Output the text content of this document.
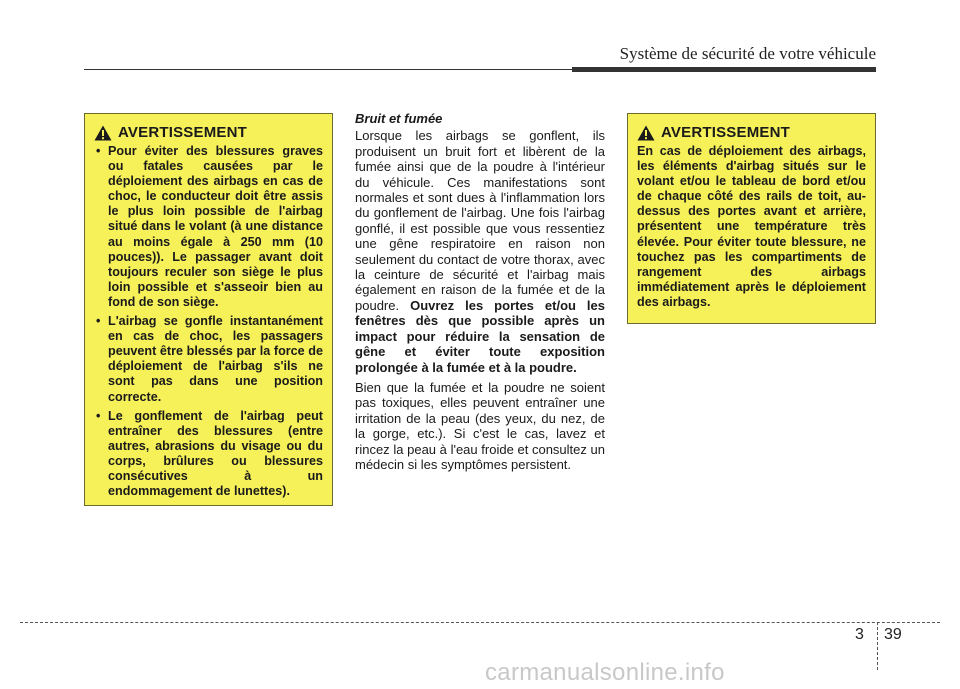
Système de sécurité de votre véhicule
AVERTISSEMENT
• Pour éviter des blessures graves ou fatales causées par le déploiement des airbags en cas de choc, le conducteur doit être assis le plus loin possible de l'airbag situé dans le volant (à une distance au moins égale à 250 mm (10 pouces)). Le passager avant doit toujours reculer son siège le plus loin possible et s'asseoir bien au fond de son siège.
• L'airbag se gonfle instantanément en cas de choc, les passagers peuvent être blessés par la force de déploiement de l'airbag s'ils ne sont pas dans une position correcte.
• Le gonflement de l'airbag peut entraîner des blessures (entre autres, abrasions du visage ou du corps, brûlures ou blessures consécutives à un endommagement de lunettes).

Bruit et fumée

Lorsque les airbags se gonflent, ils produisent un bruit fort et libèrent de la fumée ainsi que de la poudre à l'intérieur du véhicule. Ces manifestations sont normales et sont dues à l'inflammation lors du gonflement de l'airbag. Une fois l'airbag gonflé, il est possible que vous ressentiez une gêne respiratoire en raison non seulement du contact de votre thorax, avec la ceinture de sécurité et l'airbag mais également en raison de la fumée et de la poudre. Ouvrez les portes et/ou les fenêtres dès que possible après un impact pour réduire la sensation de gêne et éviter toute exposition prolongée à la fumée et à la poudre.

Bien que la fumée et la poudre ne soient pas toxiques, elles peuvent entraîner une irritation de la peau (des yeux, du nez, de la gorge, etc.). Si c'est le cas, lavez et rincez la peau à l'eau froide et consultez un médecin si les symptômes persistent.

AVERTISSEMENT

En cas de déploiement des airbags, les éléments d'airbag situés sur le volant et/ou le tableau de bord et/ou de chaque côté des rails de toit, au-dessus des portes avant et arrière, présentent une température très élevée. Pour éviter toute blessure, ne touchez pas les compartiments de rangement des airbags immédiatement après le déploiement des airbags.

3 39
carmanualsonline.info
